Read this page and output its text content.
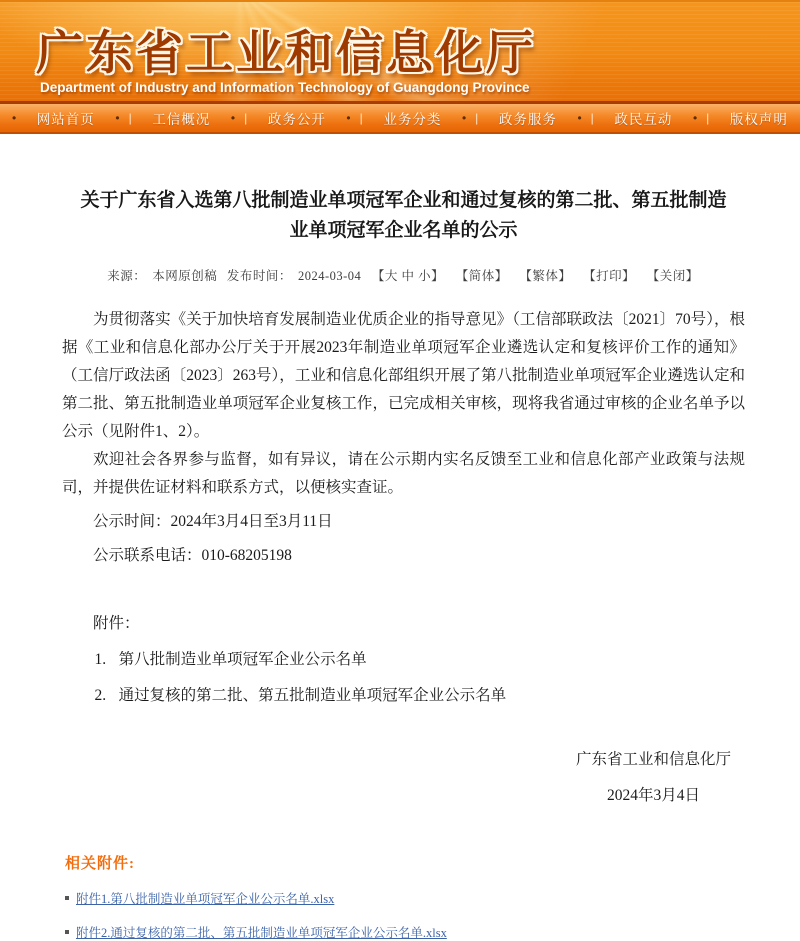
广东省工业和信息化厅
Department of Industry and Information Technology of Guangdong Province
• 网站首页 • | 工信概况 • | 政务公开 • | 业务分类 • | 政务服务 • | 政民互动 • | 版权声明
关于广东省入选第八批制造业单项冠军企业和通过复核的第二批、第五批制造业单项冠军企业名单的公示
来源： 本网原创稿 发布时间： 2024-03-04 【大 中 小】 【简体】 【繁体】 【打印】 【关闭】

为贯彻落实《关于加快培育发展制造业优质企业的指导意见》（工信部联政法〔2021〕70号），根据《工业和信息化部办公厅关于开展2023年制造业单项冠军企业遴选认定和复核评价工作的通知》（工信厅政法函〔2023〕263号），工业和信息化部组织开展了第八批制造业单项冠军企业遴选认定和第二批、第五批制造业单项冠军企业复核工作，已完成相关审核，现将我省通过审核的企业名单予以公示（见附件1、2）。

欢迎社会各界参与监督，如有异议，请在公示期内实名反馈至工业和信息化部产业政策与法规司，并提供佐证材料和联系方式，以便核实查证。

公示时间：2024年3月4日至3月11日
公示联系电话：010-68205198
附件：
1. 第八批制造业单项冠军企业公示名单
2. 通过复核的第二批、第五批制造业单项冠军企业公示名单
广东省工业和信息化厅
2024年3月4日
相关附件:
附件1.第八批制造业单项冠军企业公示名单.xlsx
附件2.通过复核的第二批、第五批制造业单项冠军企业公示名单.xlsx
